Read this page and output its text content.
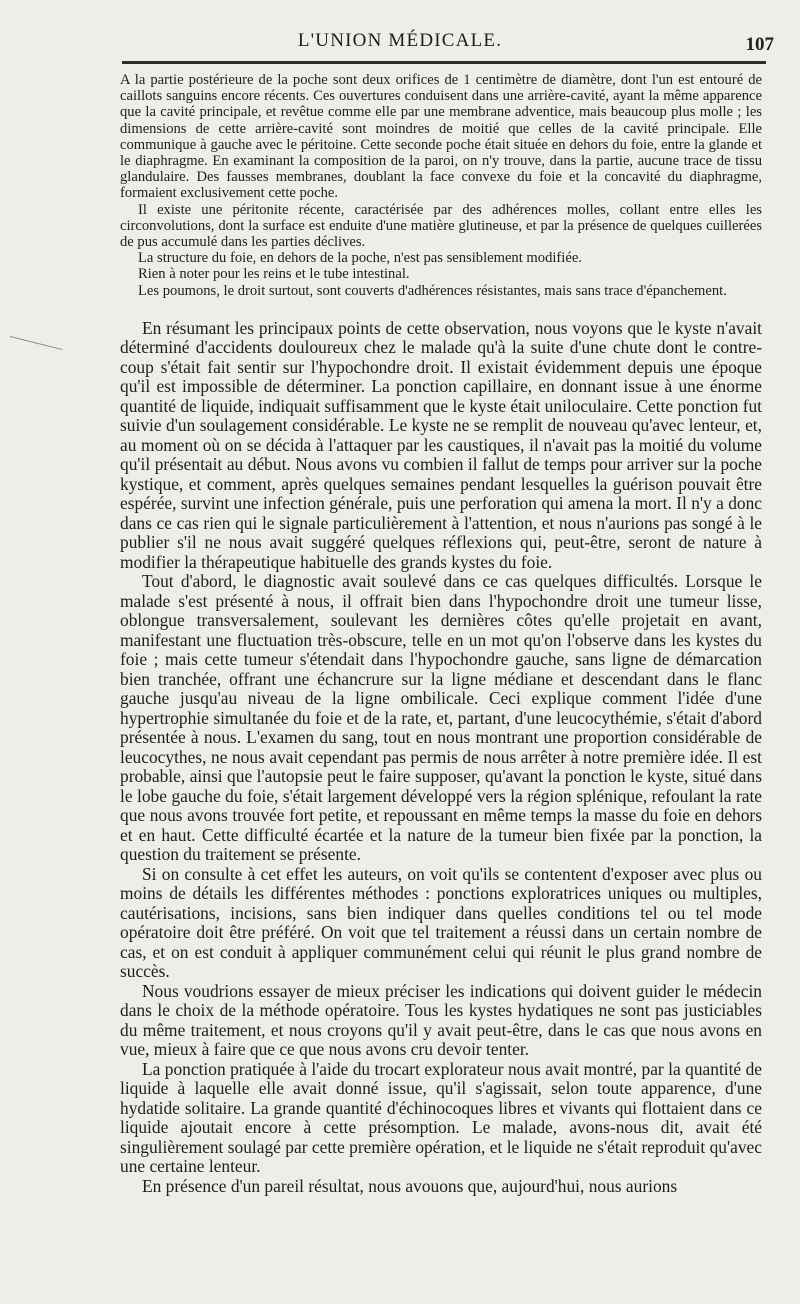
L'UNION MÉDICALE.	107

A la partie postérieure de la poche sont deux orifices de 1 centimètre de diamètre, dont l'un est entouré de caillots sanguins encore récents. Ces ouvertures conduisent dans une arrière-cavité, ayant la même apparence que la cavité principale, et revêtue comme elle par une membrane adventice, mais beaucoup plus molle ; les dimensions de cette arrière-cavité sont moindres de moitié que celles de la cavité principale. Elle communique à gauche avec le péritoine. Cette seconde poche était située en dehors du foie, entre la glande et le diaphragme. En examinant la composition de la paroi, on n'y trouve, dans la partie, aucune trace de tissu glandulaire. Des fausses membranes, doublant la face convexe du foie et la concavité du diaphragme, formaient exclusivement cette poche.

Il existe une péritonite récente, caractérisée par des adhérences molles, collant entre elles les circonvolutions, dont la surface est enduite d'une matière glutineuse, et par la présence de quelques cuillerées de pus accumulé dans les parties déclives.

La structure du foie, en dehors de la poche, n'est pas sensiblement modifiée.

Rien à noter pour les reins et le tube intestinal.

Les poumons, le droit surtout, sont couverts d'adhérences résistantes, mais sans trace d'épanchement.

En résumant les principaux points de cette observation, nous voyons que le kyste n'avait déterminé d'accidents douloureux chez le malade qu'à la suite d'une chute dont le contre-coup s'était fait sentir sur l'hypochondre droit. Il existait évidemment depuis une époque qu'il est impossible de déterminer. La ponction capillaire, en donnant issue à une énorme quantité de liquide, indiquait suffisamment que le kyste était uniloculaire. Cette ponction fut suivie d'un soulagement considérable. Le kyste ne se remplit de nouveau qu'avec lenteur, et, au moment où on se décida à l'attaquer par les caustiques, il n'avait pas la moitié du volume qu'il présentait au début. Nous avons vu combien il fallut de temps pour arriver sur la poche kystique, et comment, après quelques semaines pendant lesquelles la guérison pouvait être espérée, survint une infection générale, puis une perforation qui amena la mort. Il n'y a donc dans ce cas rien qui le signale particulièrement à l'attention, et nous n'aurions pas songé à le publier s'il ne nous avait suggéré quelques réflexions qui, peut-être, seront de nature à modifier la thérapeutique habituelle des grands kystes du foie.

Tout d'abord, le diagnostic avait soulevé dans ce cas quelques difficultés. Lorsque le malade s'est présenté à nous, il offrait bien dans l'hypochondre droit une tumeur lisse, oblongue transversalement, soulevant les dernières côtes qu'elle projetait en avant, manifestant une fluctuation très-obscure, telle en un mot qu'on l'observe dans les kystes du foie ; mais cette tumeur s'étendait dans l'hypochondre gauche, sans ligne de démarcation bien tranchée, offrant une échancrure sur la ligne médiane et descendant dans le flanc gauche jusqu'au niveau de la ligne ombilicale. Ceci explique comment l'idée d'une hypertrophie simultanée du foie et de la rate, et, partant, d'une leucocythémie, s'était d'abord présentée à nous. L'examen du sang, tout en nous montrant une proportion considérable de leucocythes, ne nous avait cependant pas permis de nous arrêter à notre première idée. Il est probable, ainsi que l'autopsie peut le faire supposer, qu'avant la ponction le kyste, situé dans le lobe gauche du foie, s'était largement développé vers la région splénique, refoulant la rate que nous avons trouvée fort petite, et repoussant en même temps la masse du foie en dehors et en haut. Cette difficulté écartée et la nature de la tumeur bien fixée par la ponction, la question du traitement se présente.

Si on consulte à cet effet les auteurs, on voit qu'ils se contentent d'exposer avec plus ou moins de détails les différentes méthodes : ponctions exploratrices uniques ou multiples, cautérisations, incisions, sans bien indiquer dans quelles conditions tel ou tel mode opératoire doit être préféré. On voit que tel traitement a réussi dans un certain nombre de cas, et on est conduit à appliquer communément celui qui réunit le plus grand nombre de succès.

Nous voudrions essayer de mieux préciser les indications qui doivent guider le médecin dans le choix de la méthode opératoire. Tous les kystes hydatiques ne sont pas justiciables du même traitement, et nous croyons qu'il y avait peut-être, dans le cas que nous avons en vue, mieux à faire que ce que nous avons cru devoir tenter.

La ponction pratiquée à l'aide du trocart explorateur nous avait montré, par la quantité de liquide à laquelle elle avait donné issue, qu'il s'agissait, selon toute apparence, d'une hydatide solitaire. La grande quantité d'échinocoques libres et vivants qui flottaient dans ce liquide ajoutait encore à cette présomption. Le malade, avons-nous dit, avait été singulièrement soulagé par cette première opération, et le liquide ne s'était reproduit qu'avec une certaine lenteur.

En présence d'un pareil résultat, nous avouons que, aujourd'hui, nous aurions
